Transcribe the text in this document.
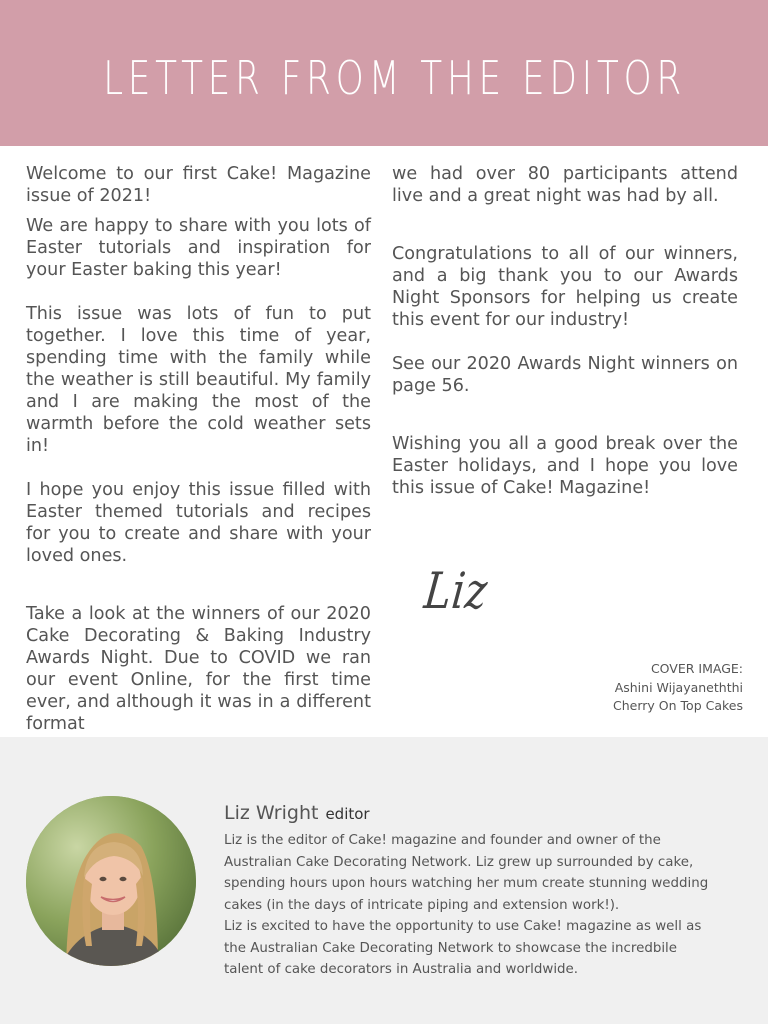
LETTER FROM THE EDITOR

Welcome to our first Cake! Magazine issue of 2021!

We are happy to share with you lots of Easter tutorials and inspiration for your Easter baking this year!

This issue was lots of fun to put together. I love this time of year, spending time with the family while the weather is still beautiful. My family and I are making the most of the warmth before the cold weather sets in!

I hope you enjoy this issue filled with Easter themed tutorials and recipes for you to create and share with your loved ones.

Take a look at the winners of our 2020 Cake Decorating & Baking Industry Awards Night. Due to COVID we ran our event Online, for the first time ever, and although it was in a different format

we had over 80 participants attend live and a great night was had by all.

Congratulations to all of our winners, and a big thank you to our Awards Night Sponsors for helping us create this event for our industry!

See our 2020 Awards Night winners on page 56.

Wishing you all a good break over the Easter holidays, and I hope you love this issue of Cake! Magazine!

Liz
COVER IMAGE:
Ashini Wijayaneththi
Cherry On Top Cakes
Liz Wright editor

Liz is the editor of Cake! magazine and founder and owner of the Australian Cake Decorating Network. Liz grew up surrounded by cake, spending hours upon hours watching her mum create stunning wedding cakes (in the days of intricate piping and extension work!).

Liz is excited to have the opportunity to use Cake! magazine as well as the Australian Cake Decorating Network to showcase the incredbile talent of cake decorators in Australia and worldwide.
